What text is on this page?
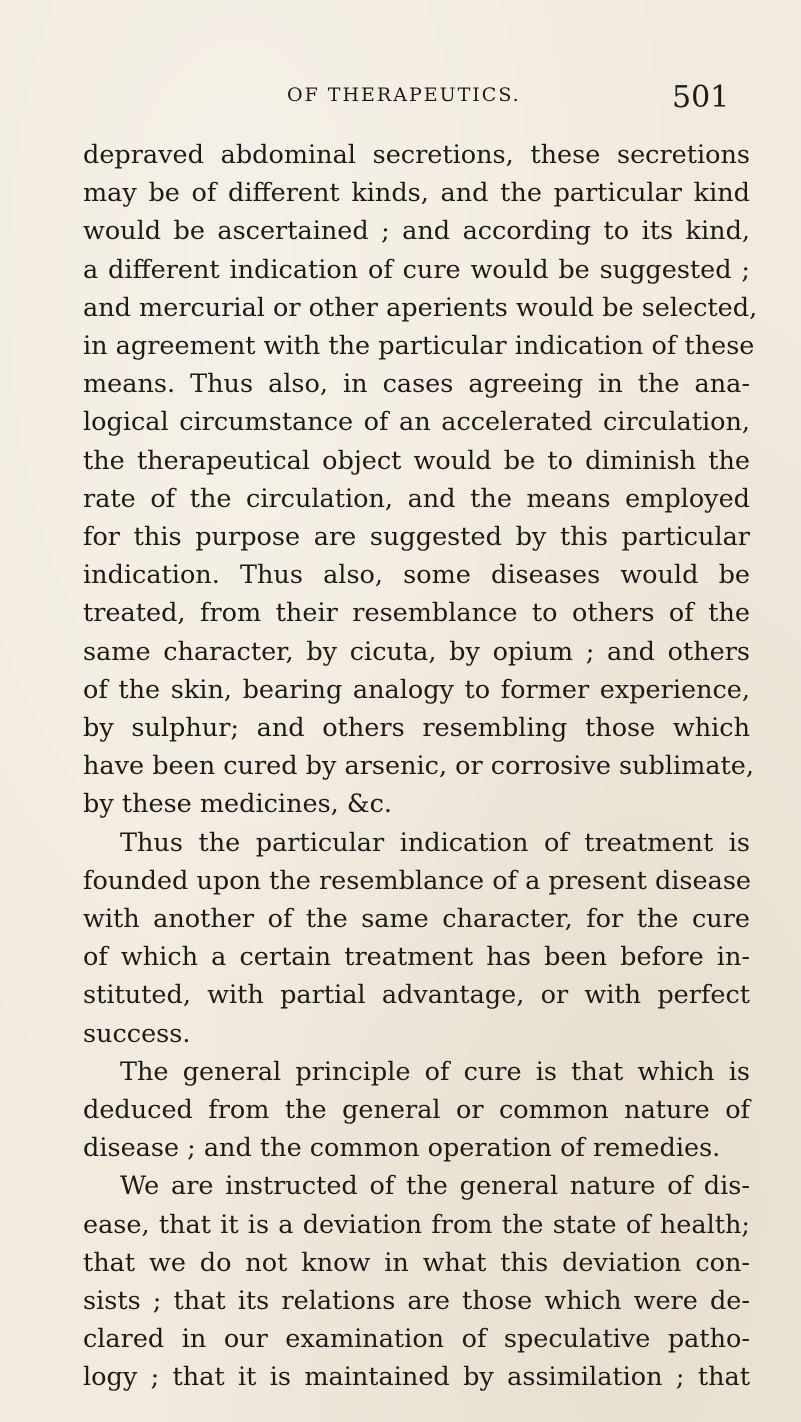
OF THERAPEUTICS.	501
depraved abdominal secretions, these secretions
may be of different kinds, and the particular kind
would be ascertained ; and according to its kind,
a different indication of cure would be suggested ;
and mercurial or other aperients would be selected,
in agreement with the particular indication of these
means. Thus also, in cases agreeing in the ana-
logical circumstance of an accelerated circulation,
the therapeutical object would be to diminish the
rate of the circulation, and the means employed
for this purpose are suggested by this particular
indication. Thus also, some diseases would be
treated, from their resemblance to others of the
same character, by cicuta, by opium ; and others
of the skin, bearing analogy to former experience,
by sulphur; and others resembling those which
have been cured by arsenic, or corrosive sublimate,
by these medicines, &c.
Thus the particular indication of treatment is
founded upon the resemblance of a present disease
with another of the same character, for the cure
of which a certain treatment has been before in-
stituted, with partial advantage, or with perfect
success.
The general principle of cure is that which is
deduced from the general or common nature of
disease ; and the common operation of remedies.
We are instructed of the general nature of dis-
ease, that it is a deviation from the state of health;
that we do not know in what this deviation con-
sists ; that its relations are those which were de-
clared in our examination of speculative patho-
logy ; that it is maintained by assimilation ; that
